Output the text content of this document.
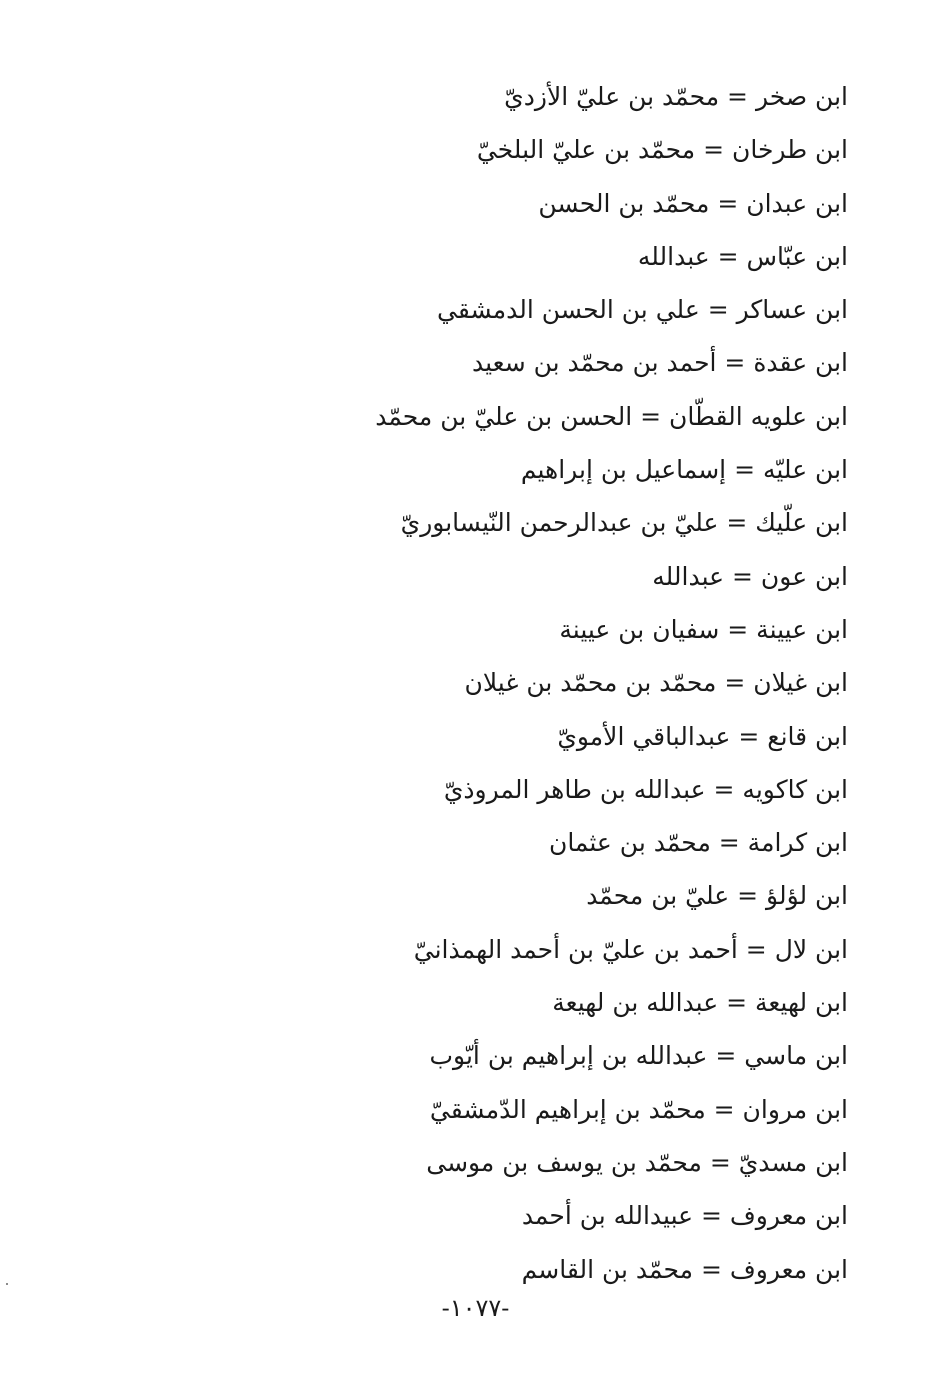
ابن صخر = محمّد بن عليّ الأزديّ
ابن طرخان = محمّد بن عليّ البلخيّ
ابن عبدان = محمّد بن الحسن
ابن عبّاس = عبدالله
ابن عساكر = علي بن الحسن الدمشقي
ابن عقدة = أحمد بن محمّد بن سعيد
ابن علويه القطّان = الحسن بن عليّ بن محمّد
ابن عليّه = إسماعيل بن إبراهيم
ابن علّيك = عليّ بن عبدالرحمن النّيسابوريّ
ابن عون = عبدالله
ابن عيينة = سفيان بن عيينة
ابن غيلان = محمّد بن محمّد بن غيلان
ابن قانع = عبدالباقي الأمويّ
ابن كاكويه = عبدالله بن طاهر المروذيّ
ابن كرامة = محمّد بن عثمان
ابن لؤلؤ = عليّ بن محمّد
ابن لال = أحمد بن عليّ بن أحمد الهمذانيّ
ابن لهيعة = عبدالله بن لهيعة
ابن ماسي = عبدالله بن إبراهيم بن أيّوب
ابن مروان = محمّد بن إبراهيم الدّمشقيّ
ابن مسديّ = محمّد بن يوسف بن موسى
ابن معروف = عبيدالله بن أحمد
ابن معروف = محمّد بن القاسم
-١٠٧٧-
